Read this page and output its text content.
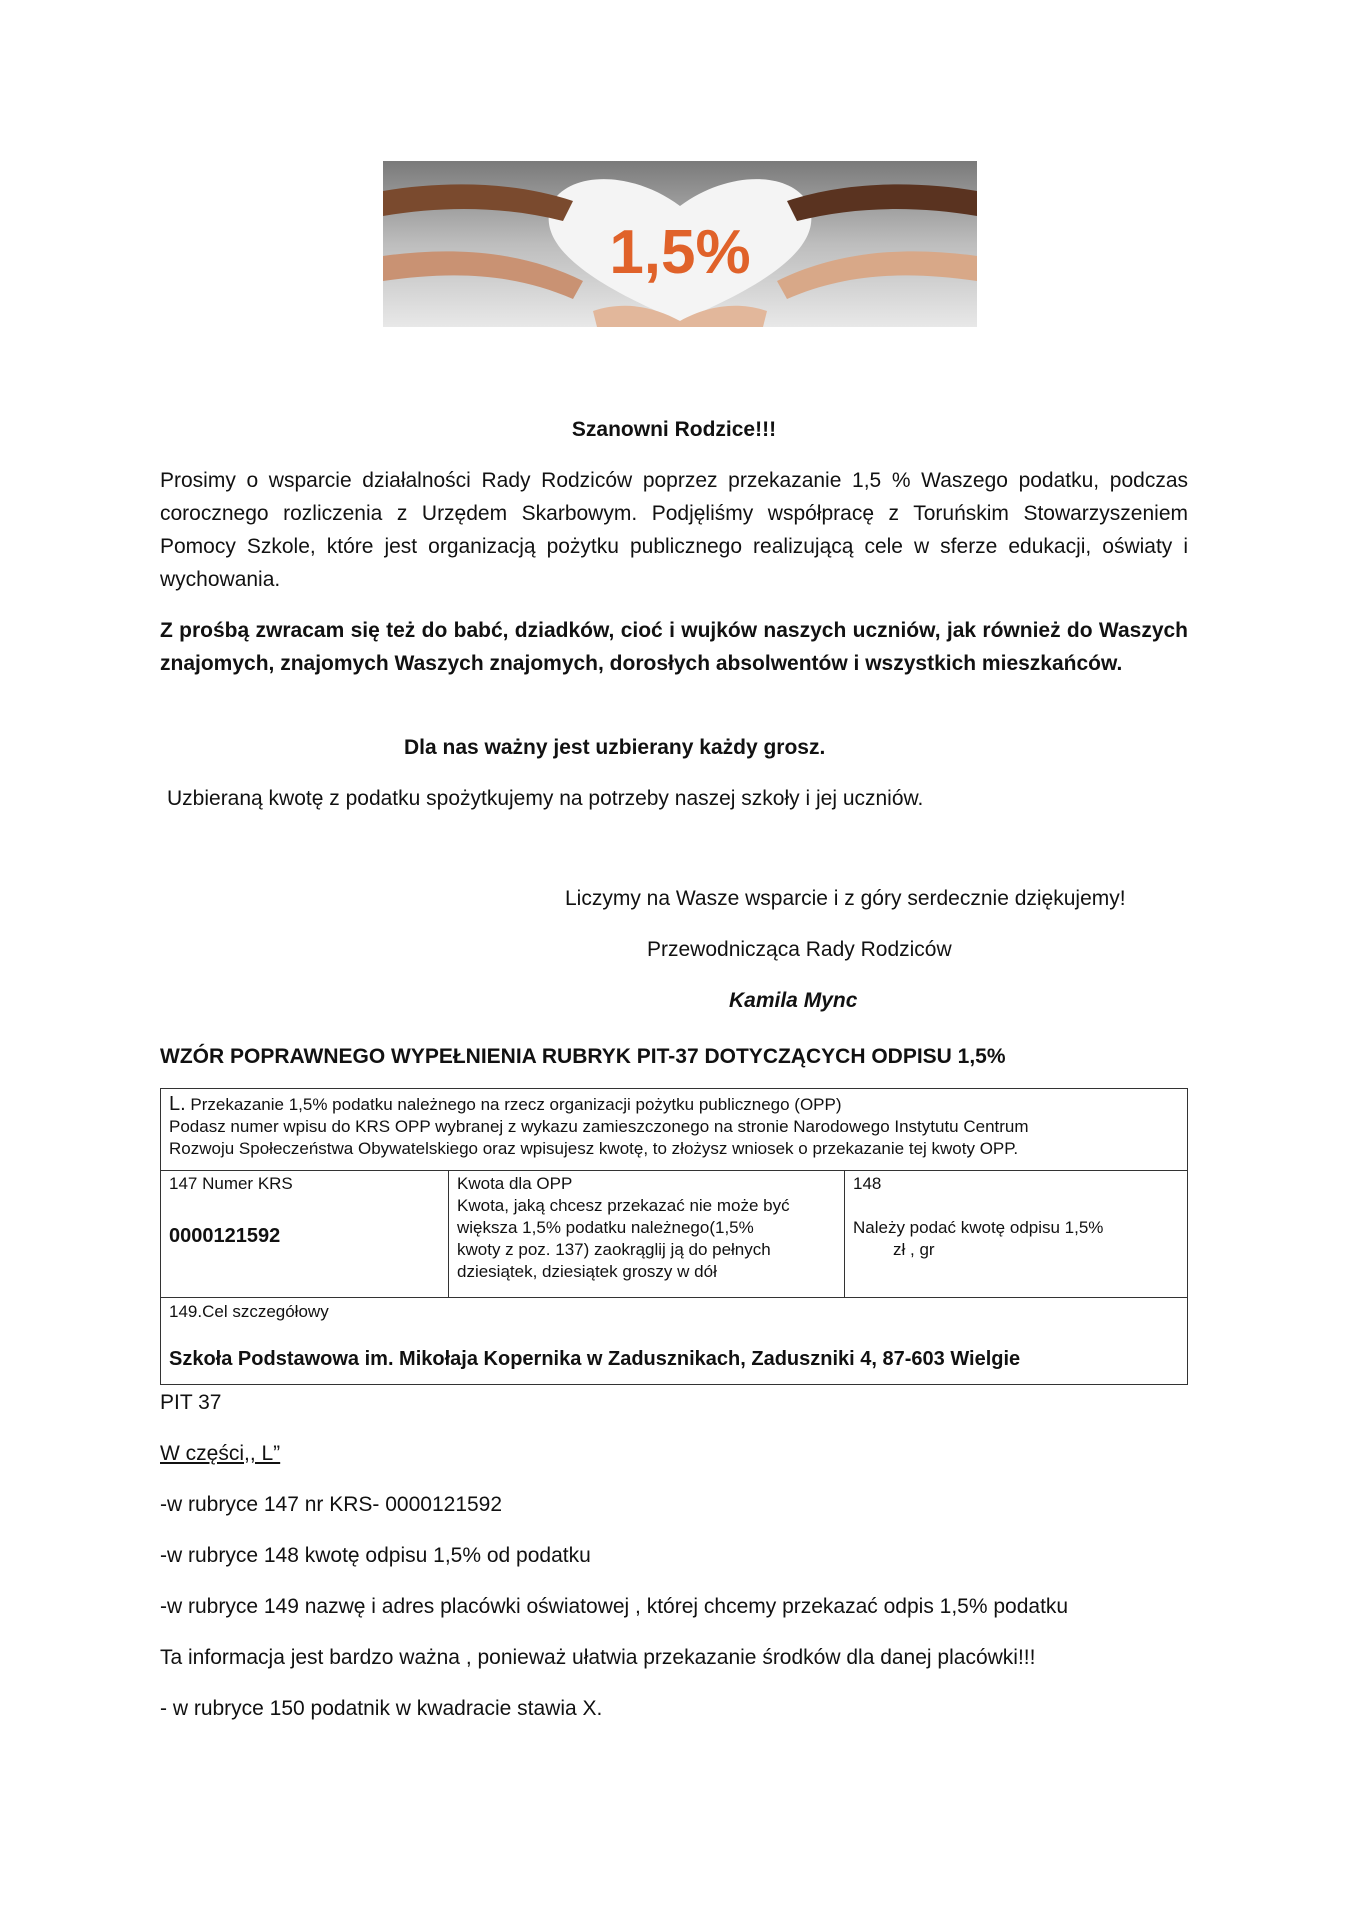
1,5%
Szanowni Rodzice!!!
Prosimy o wsparcie działalności Rady Rodziców poprzez przekazanie 1,5 % Waszego podatku, podczas corocznego rozliczenia z Urzędem Skarbowym. Podjęliśmy współpracę z Toruńskim Stowarzyszeniem Pomocy Szkole, które jest organizacją pożytku publicznego realizującą cele w sferze edukacji, oświaty i wychowania.
Z prośbą zwracam się też do babć, dziadków, cioć i wujków naszych uczniów, jak również do Waszych znajomych, znajomych Waszych znajomych, dorosłych absolwentów i wszystkich mieszkańców.
Dla nas ważny jest uzbierany każdy grosz.
Uzbieraną kwotę z podatku spożytkujemy na potrzeby naszej szkoły i jej uczniów.
Liczymy na Wasze wsparcie i z góry serdecznie dziękujemy!
Przewodnicząca Rady Rodziców
Kamila Mync
WZÓR POPRAWNEGO WYPEŁNIENIA RUBRYK PIT-37 DOTYCZĄCYCH ODPISU 1,5%
L. Przekazanie 1,5% podatku należnego na rzecz organizacji pożytku publicznego (OPP)
Podasz numer wpisu do KRS OPP wybranej z wykazu zamieszczonego na stronie Narodowego Instytutu Centrum
Rozwoju Społeczeństwa Obywatelskiego oraz wpisujesz kwotę, to złożysz wniosek o przekazanie tej kwoty OPP.
147 Numer KRS
0000121592
Kwota dla OPP
Kwota, jaką chcesz przekazać nie może być
większa 1,5% podatku należnego(1,5%
kwoty z poz. 137) zaokrąglij ją do pełnych
dziesiątek, dziesiątek groszy w dół
148
Należy podać kwotę odpisu 1,5%
zł , gr
149.Cel szczegółowy
Szkoła Podstawowa im. Mikołaja Kopernika w Zadusznikach, Zaduszniki 4, 87-603 Wielgie
PIT 37
W części,, L”
-w rubryce 147 nr KRS- 0000121592
-w rubryce 148 kwotę odpisu 1,5% od podatku
-w rubryce 149 nazwę i adres placówki oświatowej , której chcemy przekazać odpis 1,5% podatku
Ta informacja jest bardzo ważna , ponieważ ułatwia przekazanie środków dla danej placówki!!!
- w rubryce 150 podatnik w kwadracie stawia X.
